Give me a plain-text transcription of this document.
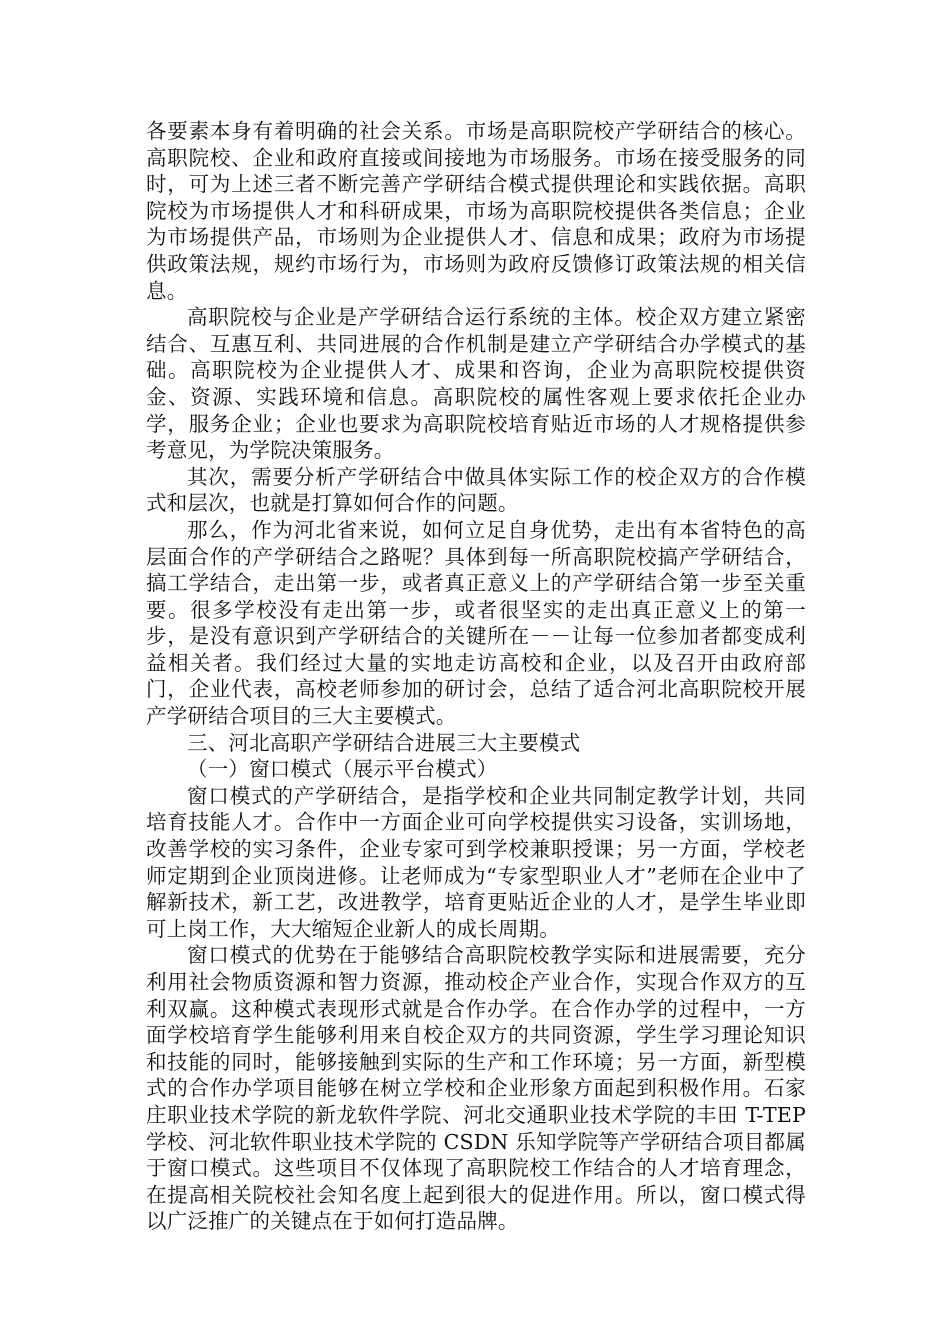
各要素本身有着明确的社会关系。市场是高职院校产学研结合的核心。高职院校、企业和政府直接或间接地为市场服务。市场在接受服务的同时，可为上述三者不断完善产学研结合模式提供理论和实践依据。高职院校为市场提供人才和科研成果，市场为高职院校提供各类信息；企业为市场提供产品，市场则为企业提供人才、信息和成果；政府为市场提供政策法规，规约市场行为，市场则为政府反馈修订政策法规的相关信息。

高职院校与企业是产学研结合运行系统的主体。校企双方建立紧密结合、互惠互利、共同进展的合作机制是建立产学研结合办学模式的基础。高职院校为企业提供人才、成果和咨询，企业为高职院校提供资金、资源、实践环境和信息。高职院校的属性客观上要求依托企业办学，服务企业；企业也要求为高职院校培育贴近市场的人才规格提供参考意见，为学院决策服务。

其次，需要分析产学研结合中做具体实际工作的校企双方的合作模式和层次，也就是打算如何合作的问题。

那么，作为河北省来说，如何立足自身优势，走出有本省特色的高层面合作的产学研结合之路呢？具体到每一所高职院校搞产学研结合，搞工学结合，走出第一步，或者真正意义上的产学研结合第一步至关重要。很多学校没有走出第一步，或者很坚实的走出真正意义上的第一步，是没有意识到产学研结合的关键所在－－让每一位参加者都变成利益相关者。我们经过大量的实地走访高校和企业，以及召开由政府部门，企业代表，高校老师参加的研讨会，总结了适合河北高职院校开展产学研结合项目的三大主要模式。

三、河北高职产学研结合进展三大主要模式

（一）窗口模式（展示平台模式）

窗口模式的产学研结合，是指学校和企业共同制定教学计划，共同培育技能人才。合作中一方面企业可向学校提供实习设备，实训场地，改善学校的实习条件，企业专家可到学校兼职授课；另一方面，学校老师定期到企业顶岗进修。让老师成为“专家型职业人才”老师在企业中了解新技术，新工艺，改进教学，培育更贴近企业的人才，是学生毕业即可上岗工作，大大缩短企业新人的成长周期。

窗口模式的优势在于能够结合高职院校教学实际和进展需要，充分利用社会物质资源和智力资源，推动校企产业合作，实现合作双方的互利双赢。这种模式表现形式就是合作办学。在合作办学的过程中，一方面学校培育学生能够利用来自校企双方的共同资源，学生学习理论知识和技能的同时，能够接触到实际的生产和工作环境；另一方面，新型模式的合作办学项目能够在树立学校和企业形象方面起到积极作用。石家庄职业技术学院的新龙软件学院、河北交通职业技术学院的丰田 T-TEP 学校、河北软件职业技术学院的 CSDN 乐知学院等产学研结合项目都属于窗口模式。这些项目不仅体现了高职院校工作结合的人才培育理念，在提高相关院校社会知名度上起到很大的促进作用。所以，窗口模式得以广泛推广的关键点在于如何打造品牌。
